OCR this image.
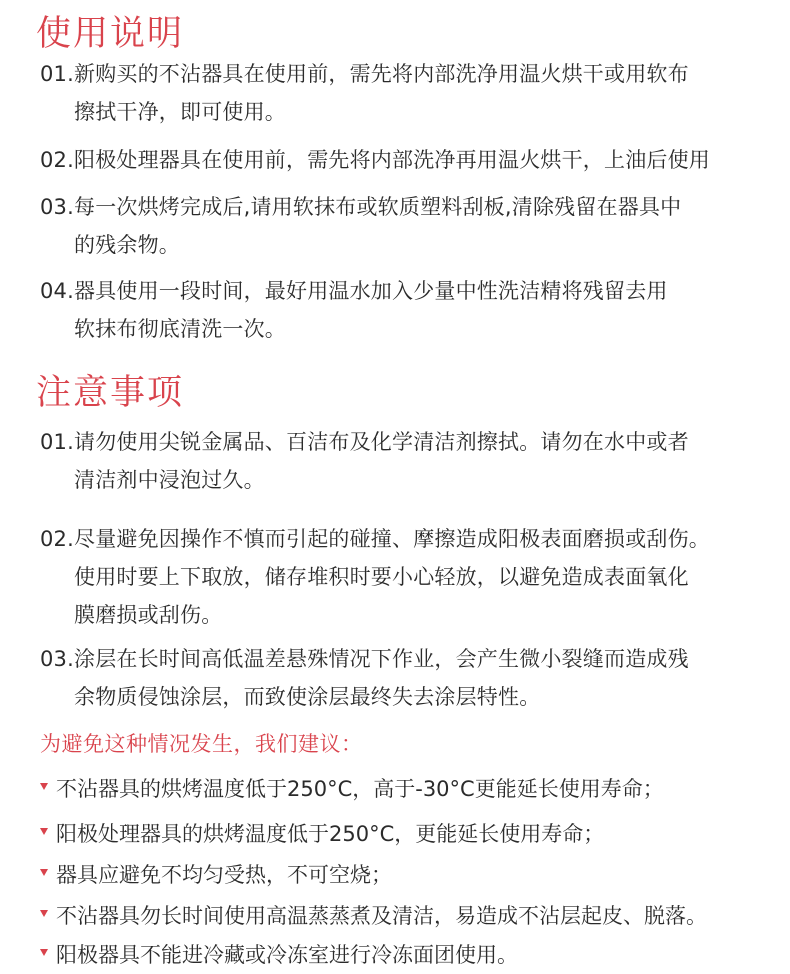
使用说明
01.新购买的不沾器具在使用前，需先将内部洗净用温火烘干或用软布
擦拭干净，即可使用。
02.阳极处理器具在使用前，需先将内部洗净再用温火烘干，上油后使用
03.每一次烘烤完成后,请用软抹布或软质塑料刮板,清除残留在器具中
的残余物。
04.器具使用一段时间，最好用温水加入少量中性洗洁精将残留去用
软抹布彻底清洗一次。
注意事项
01.请勿使用尖锐金属品、百洁布及化学清洁剂擦拭。请勿在水中或者
清洁剂中浸泡过久。
02.尽量避免因操作不慎而引起的碰撞、摩擦造成阳极表面磨损或刮伤。
使用时要上下取放，储存堆积时要小心轻放，以避免造成表面氧化
膜磨损或刮伤。
03.涂层在长时间高低温差悬殊情况下作业，会产生微小裂缝而造成残
余物质侵蚀涂层，而致使涂层最终失去涂层特性。
为避免这种情况发生，我们建议：
不沾器具的烘烤温度低于250°C，高于-30°C更能延长使用寿命；
阳极处理器具的烘烤温度低于250°C，更能延长使用寿命；
器具应避免不均匀受热，不可空烧；
不沾器具勿长时间使用高温蒸蒸煮及清洁，易造成不沾层起皮、脱落。
阳极器具不能进冷藏或冷冻室进行冷冻面团使用。
